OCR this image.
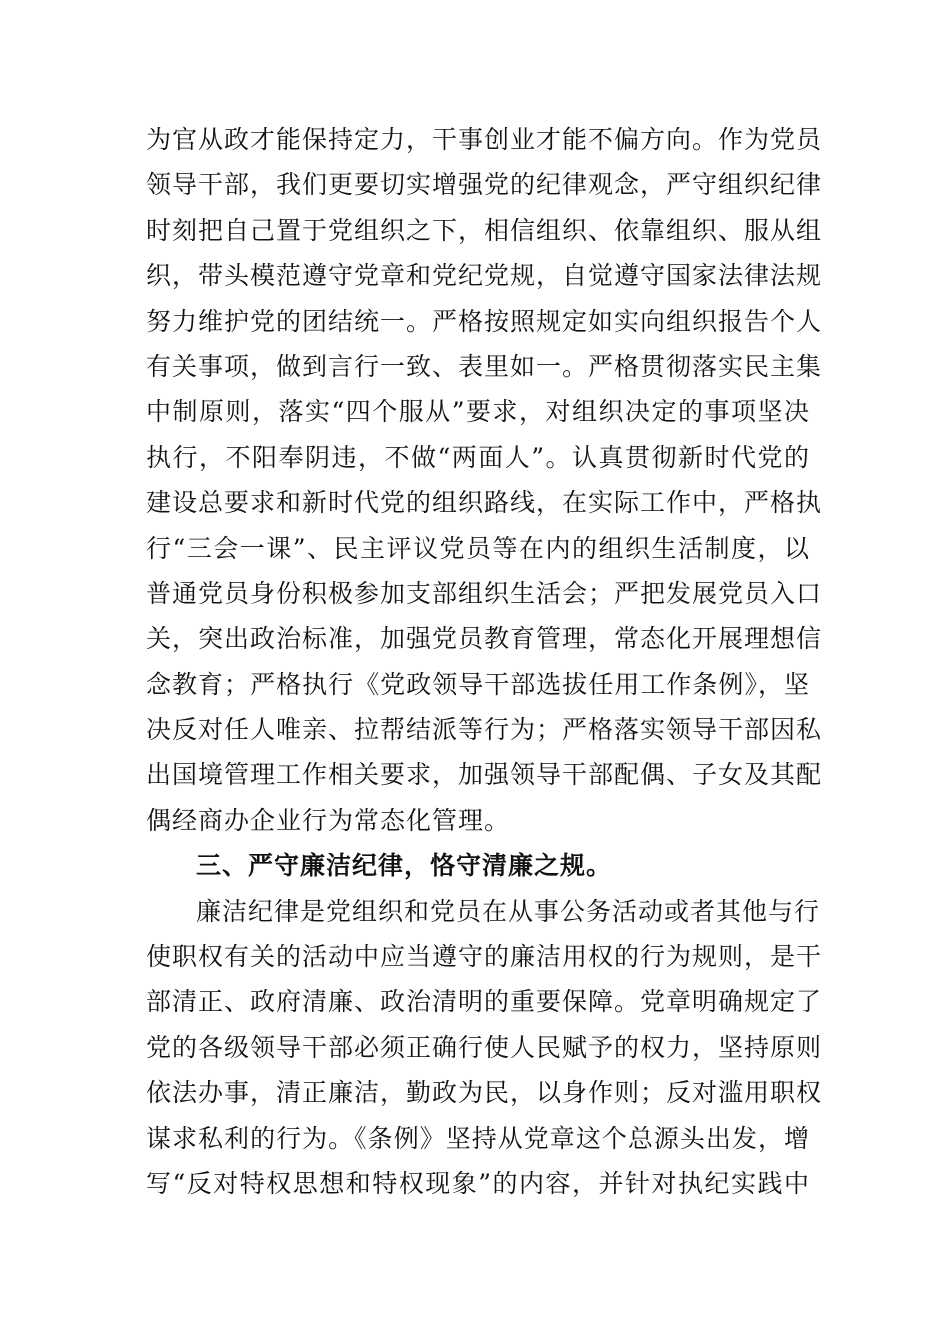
为官从政才能保持定力，干事创业才能不偏方向。作为党员
领导干部，我们更要切实增强党的纪律观念，严守组织纪律
时刻把自己置于党组织之下，相信组织、依靠组织、服从组
织，带头模范遵守党章和党纪党规，自觉遵守国家法律法规
努力维护党的团结统一。严格按照规定如实向组织报告个人
有关事项，做到言行一致、表里如一。严格贯彻落实民主集
中制原则，落实“四个服从”要求，对组织决定的事项坚决
执行，不阳奉阴违，不做“两面人”。认真贯彻新时代党的
建设总要求和新时代党的组织路线，在实际工作中，严格执
行“三会一课”、民主评议党员等在内的组织生活制度，以
普通党员身份积极参加支部组织生活会；严把发展党员入口
关，突出政治标准，加强党员教育管理，常态化开展理想信
念教育；严格执行《党政领导干部选拔任用工作条例》，坚
决反对任人唯亲、拉帮结派等行为；严格落实领导干部因私
出国境管理工作相关要求，加强领导干部配偶、子女及其配
偶经商办企业行为常态化管理。
三、严守廉洁纪律，恪守清廉之规。
廉洁纪律是党组织和党员在从事公务活动或者其他与行
使职权有关的活动中应当遵守的廉洁用权的行为规则，是干
部清正、政府清廉、政治清明的重要保障。党章明确规定了
党的各级领导干部必须正确行使人民赋予的权力，坚持原则
依法办事，清正廉洁，勤政为民，以身作则；反对滥用职权
谋求私利的行为。《条例》坚持从党章这个总源头出发，增
写“反对特权思想和特权现象”的内容，并针对执纪实践中
